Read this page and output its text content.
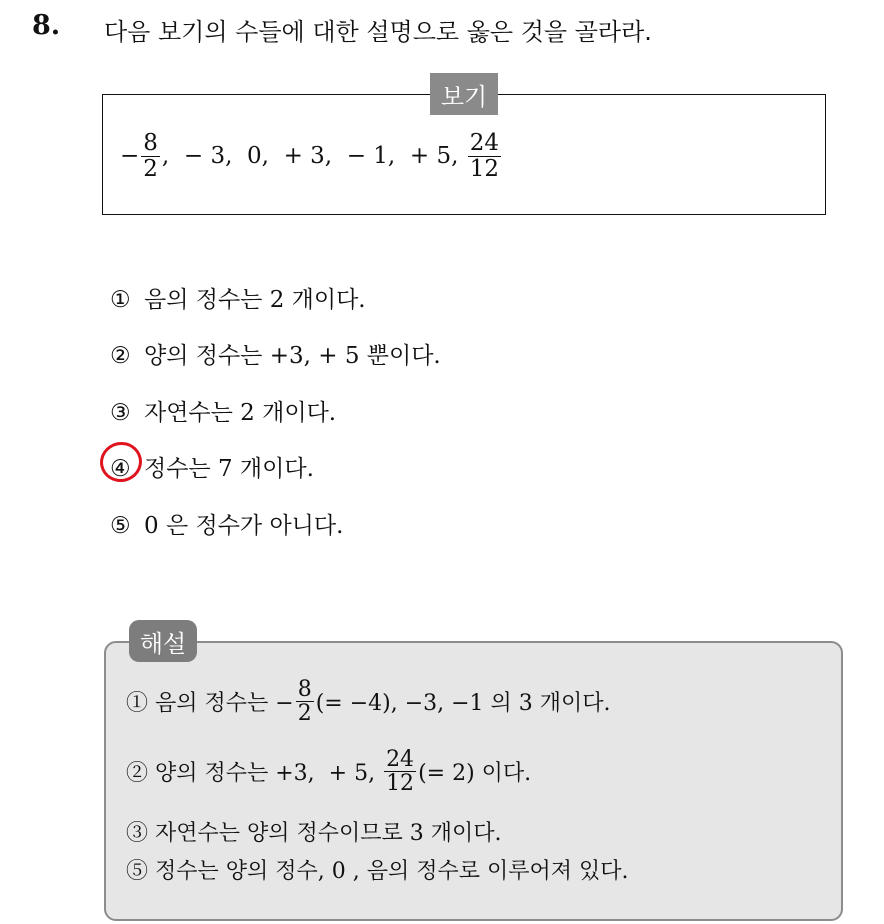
8. 다음 보기의 수들에 대한 설명으로 옳은 것을 골라라.
보기
− $\frac{8}{2}$ ,  − 3,  0,  + 3,  − 1,  + 5, $\frac{24}{12}$
① 음의 정수는 2 개이다.
② 양의 정수는 +3, + 5 뿐이다.
③ 자연수는 2 개이다.
④ 정수는 7 개이다.
⑤ 0 은 정수가 아니다.
해설
① 음의 정수는 − $\frac{8}{2}$ (= −4), −3, −1 의 3 개이다.
② 양의 정수는 +3,  + 5, $\frac{24}{12}$ (= 2) 이다.
③ 자연수는 양의 정수이므로 3 개이다.
⑤ 정수는 양의 정수, 0 , 음의 정수로 이루어져 있다.
